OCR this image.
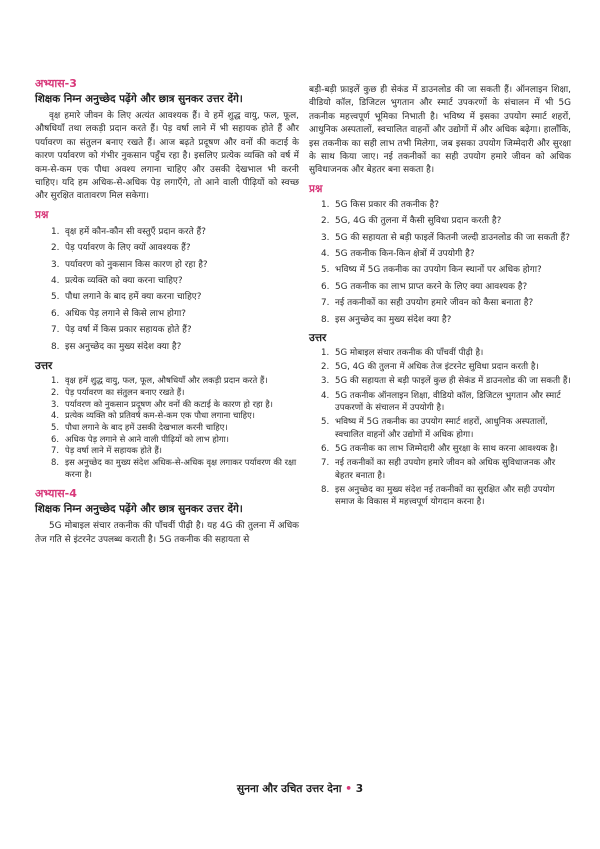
अभ्यास-3

शिक्षक निम्न अनुच्छेद पढ़ेंगे और छात्र सुनकर उत्तर देंगे।

वृक्ष हमारे जीवन के लिए अत्यंत आवश्यक हैं। वे हमें शुद्ध वायु, फल, फूल, औषधियाँ तथा लकड़ी प्रदान करते हैं। पेड़ वर्षा लाने में भी सहायक होते हैं और पर्यावरण का संतुलन बनाए रखते हैं। आज बढ़ते प्रदूषण और वनों की कटाई के कारण पर्यावरण को गंभीर नुकसान पहुँच रहा है। इसलिए प्रत्येक व्यक्ति को वर्ष में कम-से-कम एक पौधा अवश्य लगाना चाहिए और उसकी देखभाल भी करनी चाहिए। यदि हम अधिक-से-अधिक पेड़ लगाएँगे, तो आने वाली पीढ़ियों को स्वच्छ और सुरक्षित वातावरण मिल सकेगा।

प्रश्न

1. वृक्ष हमें कौन-कौन सी वस्तुएँ प्रदान करते हैं?
2. पेड़ पर्यावरण के लिए क्यों आवश्यक हैं?
3. पर्यावरण को नुकसान किस कारण हो रहा है?
4. प्रत्येक व्यक्ति को क्या करना चाहिए?
5. पौधा लगाने के बाद हमें क्या करना चाहिए?
6. अधिक पेड़ लगाने से किसे लाभ होगा?
7. पेड़ वर्षा में किस प्रकार सहायक होते हैं?
8. इस अनुच्छेद का मुख्य संदेश क्या है?

उत्तर

1. वृक्ष हमें शुद्ध वायु, फल, फूल, औषधियाँ और लकड़ी प्रदान करते हैं।
2. पेड़ पर्यावरण का संतुलन बनाए रखते हैं।
3. पर्यावरण को नुकसान प्रदूषण और वनों की कटाई के कारण हो रहा है।
4. प्रत्येक व्यक्ति को प्रतिवर्ष कम-से-कम एक पौधा लगाना चाहिए।
5. पौधा लगाने के बाद हमें उसकी देखभाल करनी चाहिए।
6. अधिक पेड़ लगाने से आने वाली पीढ़ियों को लाभ होगा।
7. पेड़ वर्षा लाने में सहायक होते हैं।
8. इस अनुच्छेद का मुख्य संदेश अधिक-से-अधिक वृक्ष लगाकर पर्यावरण की रक्षा करना है।

अभ्यास-4

शिक्षक निम्न अनुच्छेद पढ़ेंगे और छात्र सुनकर उत्तर देंगे।

5G मोबाइल संचार तकनीक की पाँचवीं पीढ़ी है। यह 4G की तुलना में अधिक तेज गति से इंटरनेट उपलब्ध कराती है। 5G तकनीक की सहायता से

बड़ी-बड़ी फ़ाइलें कुछ ही सेकंड में डाउनलोड की जा सकती हैं। ऑनलाइन शिक्षा, वीडियो कॉल, डिजिटल भुगतान और स्मार्ट उपकरणों के संचालन में भी 5G तकनीक महत्त्वपूर्ण भूमिका निभाती है। भविष्य में इसका उपयोग स्मार्ट शहरों, आधुनिक अस्पतालों, स्वचालित वाहनों और उद्योगों में और अधिक बढ़ेगा। हालाँकि, इस तकनीक का सही लाभ तभी मिलेगा, जब इसका उपयोग जिम्मेदारी और सुरक्षा के साथ किया जाए। नई तकनीकों का सही उपयोग हमारे जीवन को अधिक सुविधाजनक और बेहतर बना सकता है।

प्रश्न

1. 5G किस प्रकार की तकनीक है?
2. 5G, 4G की तुलना में कैसी सुविधा प्रदान करती है?
3. 5G की सहायता से बड़ी फाइलें कितनी जल्दी डाउनलोड की जा सकती हैं?
4. 5G तकनीक किन-किन क्षेत्रों में उपयोगी है?
5. भविष्य में 5G तकनीक का उपयोग किन स्थानों पर अधिक होगा?
6. 5G तकनीक का लाभ प्राप्त करने के लिए क्या आवश्यक है?
7. नई तकनीकों का सही उपयोग हमारे जीवन को कैसा बनाता है?
8. इस अनुच्छेद का मुख्य संदेश क्या है?

उत्तर

1. 5G मोबाइल संचार तकनीक की पाँचवीं पीढ़ी है।
2. 5G, 4G की तुलना में अधिक तेज इंटरनेट सुविधा प्रदान करती है।
3. 5G की सहायता से बड़ी फाइलें कुछ ही सेकंड में डाउनलोड की जा सकती हैं।
4. 5G तकनीक ऑनलाइन शिक्षा, वीडियो कॉल, डिजिटल भुगतान और स्मार्ट उपकरणों के संचालन में उपयोगी है।
5. भविष्य में 5G तकनीक का उपयोग स्मार्ट शहरों, आधुनिक अस्पतालों, स्वचालित वाहनों और उद्योगों में अधिक होगा।
6. 5G तकनीक का लाभ जिम्मेदारी और सुरक्षा के साथ करना आवश्यक है।
7. नई तकनीकों का सही उपयोग हमारे जीवन को अधिक सुविधाजनक और बेहतर बनाता है।
8. इस अनुच्छेद का मुख्य संदेश नई तकनीकों का सुरक्षित और सही उपयोग समाज के विकास में महत्त्वपूर्ण योगदान करना है।
सुनना और उचित उत्तर देना • 3
